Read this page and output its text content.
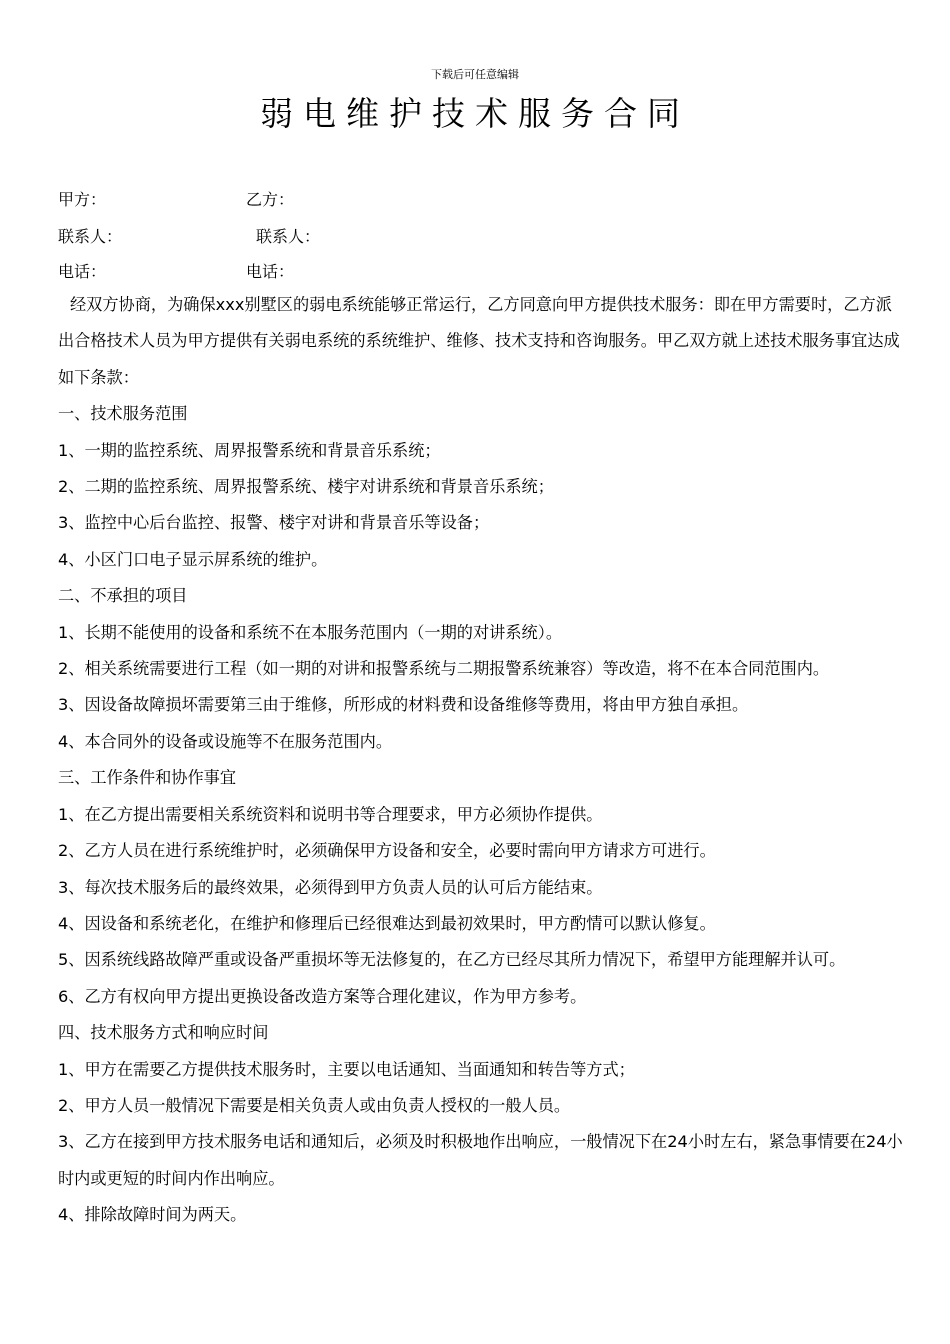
下载后可任意编辑
弱电维护技术服务合同
甲方：	乙方：
联系人：	联系人：
电话：	电话：

经双方协商，为确保xxx别墅区的弱电系统能够正常运行，乙方同意向甲方提供技术服务：即在甲方需要时，乙方派出合格技术人员为甲方提供有关弱电系统的系统维护、维修、技术支持和咨询服务。甲乙双方就上述技术服务事宜达成如下条款：

一、技术服务范围

1、一期的监控系统、周界报警系统和背景音乐系统；

2、二期的监控系统、周界报警系统、楼宇对讲系统和背景音乐系统；

3、监控中心后台监控、报警、楼宇对讲和背景音乐等设备；

4、小区门口电子显示屏系统的维护。

二、不承担的项目

1、长期不能使用的设备和系统不在本服务范围内（一期的对讲系统）。

2、相关系统需要进行工程（如一期的对讲和报警系统与二期报警系统兼容）等改造，将不在本合同范围内。

3、因设备故障损坏需要第三由于维修，所形成的材料费和设备维修等费用，将由甲方独自承担。

4、本合同外的设备或设施等不在服务范围内。

三、工作条件和协作事宜

1、在乙方提出需要相关系统资料和说明书等合理要求，甲方必须协作提供。

2、乙方人员在进行系统维护时，必须确保甲方设备和安全，必要时需向甲方请求方可进行。

3、每次技术服务后的最终效果，必须得到甲方负责人员的认可后方能结束。

4、因设备和系统老化，在维护和修理后已经很难达到最初效果时，甲方酌情可以默认修复。

5、因系统线路故障严重或设备严重损坏等无法修复的，在乙方已经尽其所力情况下，希望甲方能理解并认可。

6、乙方有权向甲方提出更换设备改造方案等合理化建议，作为甲方参考。

四、技术服务方式和响应时间

1、甲方在需要乙方提供技术服务时，主要以电话通知、当面通知和转告等方式；

2、甲方人员一般情况下需要是相关负责人或由负责人授权的一般人员。

3、乙方在接到甲方技术服务电话和通知后，必须及时积极地作出响应，一般情况下在24小时左右，紧急事情要在24小时内或更短的时间内作出响应。

4、排除故障时间为两天。
